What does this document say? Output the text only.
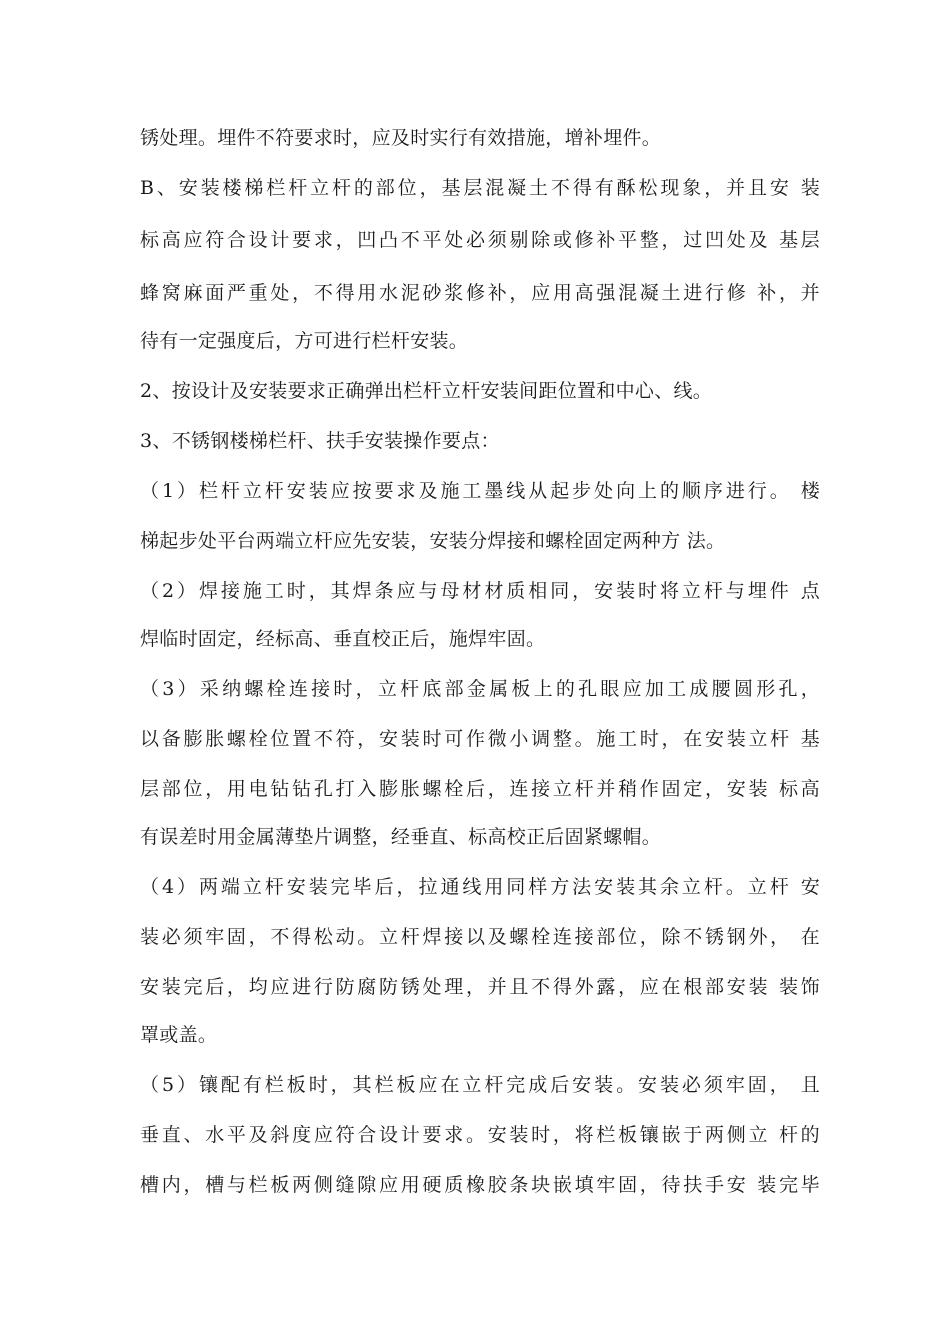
锈处理。埋件不符要求时，应及时实行有效措施，增补埋件。
B、安装楼梯栏杆立杆的部位，基层混凝土不得有酥松现象，并且安 装
标高应符合设计要求，凹凸不平处必须剔除或修补平整，过凹处及 基层
蜂窝麻面严重处，不得用水泥砂浆修补，应用高强混凝土进行修 补，并
待有一定强度后，方可进行栏杆安装。
2、按设计及安装要求正确弹出栏杆立杆安装间距位置和中心、线。
3、不锈钢楼梯栏杆、扶手安装操作要点：
（1）栏杆立杆安装应按要求及施工墨线从起步处向上的顺序进行。 楼
梯起步处平台两端立杆应先安装，安装分焊接和螺栓固定两种方 法。
（2）焊接施工时，其焊条应与母材材质相同，安装时将立杆与埋件 点
焊临时固定，经标高、垂直校正后，施焊牢固。
（3）采纳螺栓连接时，立杆底部金属板上的孔眼应加工成腰圆形孔，
以备膨胀螺栓位置不符，安装时可作微小调整。施工时，在安装立杆 基
层部位，用电钻钻孔打入膨胀螺栓后，连接立杆并稍作固定，安装 标高
有误差时用金属薄垫片调整，经垂直、标高校正后固紧螺帽。
（4）两端立杆安装完毕后，拉通线用同样方法安装其余立杆。立杆 安
装必须牢固，不得松动。立杆焊接以及螺栓连接部位，除不锈钢外， 在
安装完后，均应进行防腐防锈处理，并且不得外露，应在根部安装 装饰
罩或盖。
（5）镶配有栏板时，其栏板应在立杆完成后安装。安装必须牢固， 且
垂直、水平及斜度应符合设计要求。安装时，将栏板镶嵌于两侧立 杆的
槽内，槽与栏板两侧缝隙应用硬质橡胶条块嵌填牢固，待扶手安 装完毕
